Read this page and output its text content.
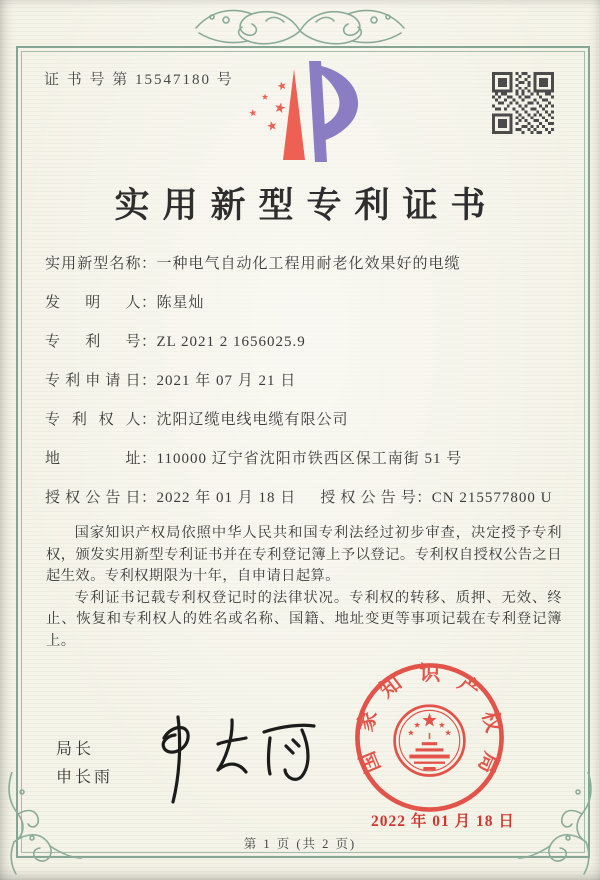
证 书 号 第 15547180 号
实用新型专利证书
实用新型名称：一种电气自动化工程用耐老化效果好的电缆
发明人：陈星灿
专利号：ZL 2021 2 1656025.9
专利申请日：2021 年 07 月 21 日
专利权人：沈阳辽缆电线电缆有限公司
地址：110000 辽宁省沈阳市铁西区保工南街 51 号
授权公告日：2022 年 01 月 18 日 授权公告号：CN 215577800 U

国家知识产权局依照中华人民共和国专利法经过初步审查，决定授予专利权，颁发实用新型专利证书并在专利登记簿上予以登记。专利权自授权公告之日起生效。专利权期限为十年，自申请日起算。

专利证书记载专利权登记时的法律状况。专利权的转移、质押、无效、终止、恢复和专利权人的姓名或名称、国籍、地址变更等事项记载在专利登记簿上。

局长
申长雨
国家知识产权局
2022 年 01 月 18 日
第 1 页 (共 2 页)
